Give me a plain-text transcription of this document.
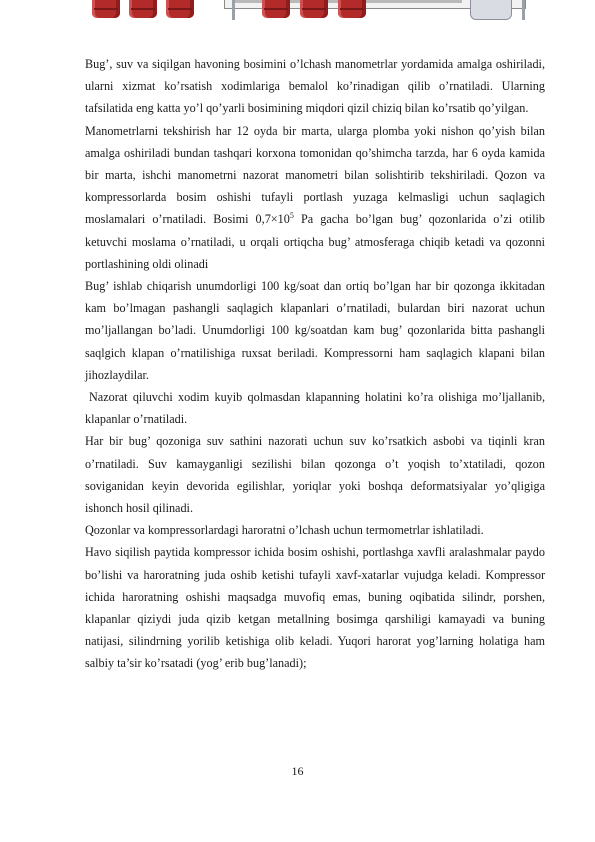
Bug’, suv va siqilgan havoning bosimini o’lchash manometrlar yordamida amalga oshiriladi, ularni xizmat ko’rsatish xodimlariga bemalol ko’rinadigan qilib o’rnatiladi. Ularning tafsilatida eng katta yo’l qo’yarli bosimining miqdori qizil chiziq bilan ko’rsatib qo’yilgan.

Manometrlarni tekshirish har 12 oyda bir marta, ularga plomba yoki nishon qo’yish bilan amalga oshiriladi bundan tashqari korxona tomonidan qo’shimcha tarzda, har 6 oyda kamida bir marta, ishchi manometrni nazorat manometri bilan solishtirib tekshiriladi. Qozon va kompressorlarda bosim oshishi tufayli portlash yuzaga kelmasligi uchun saqlagich moslamalari o’rnatiladi. Bosimi $0,7\times 10^5$ Pa gacha bo’lgan bug’ qozonlarida o’zi otilib ketuvchi moslama o’rnatiladi, u orqali ortiqcha bug’ atmosferaga chiqib ketadi va qozonni portlashining oldi olinadi

Bug’ ishlab chiqarish unumdorligi 100 kg/soat dan ortiq bo’lgan har bir qozonga ikkitadan kam bo’lmagan pashangli saqlagich klapanlari o’rnatiladi, bulardan biri nazorat uchun mo’ljallangan bo’ladi. Unumdorligi 100 kg/soatdan kam bug’ qozonlarida bitta pashangli saqlgich klapan o’rnatilishiga ruxsat beriladi. Kompressorni ham saqlagich klapani bilan jihozlaydilar.

Nazorat qiluvchi xodim kuyib qolmasdan klapanning holatini ko’ra olishiga mo’ljallanib, klapanlar o’rnatiladi.

Har bir bug’ qozoniga suv sathini nazorati uchun suv ko’rsatkich asbobi va tiqinli kran o’rnatiladi. Suv kamayganligi sezilishi bilan qozonga o’t yoqish to’xtatiladi, qozon soviganidan keyin devorida egilishlar, yoriqlar yoki boshqa deformatsiyalar yo’qligiga ishonch hosil qilinadi.

Qozonlar va kompressorlardagi haroratni o’lchash uchun termometrlar ishlatiladi.

Havo siqilish paytida kompressor ichida bosim oshishi, portlashga xavfli aralashmalar paydo bo’lishi va haroratning juda oshib ketishi tufayli xavf-xatarlar vujudga keladi. Kompressor ichida haroratning oshishi maqsadga muvofiq emas, buning oqibatida silindr, porshen, klapanlar qiziydi juda qizib ketgan metallning bosimga qarshiligi kamayadi va buning natijasi, silindrning yorilib ketishiga olib keladi. Yuqori harorat yog’larning holatiga ham salbiy ta’sir ko’rsatadi (yog’ erib bug’lanadi);

16
